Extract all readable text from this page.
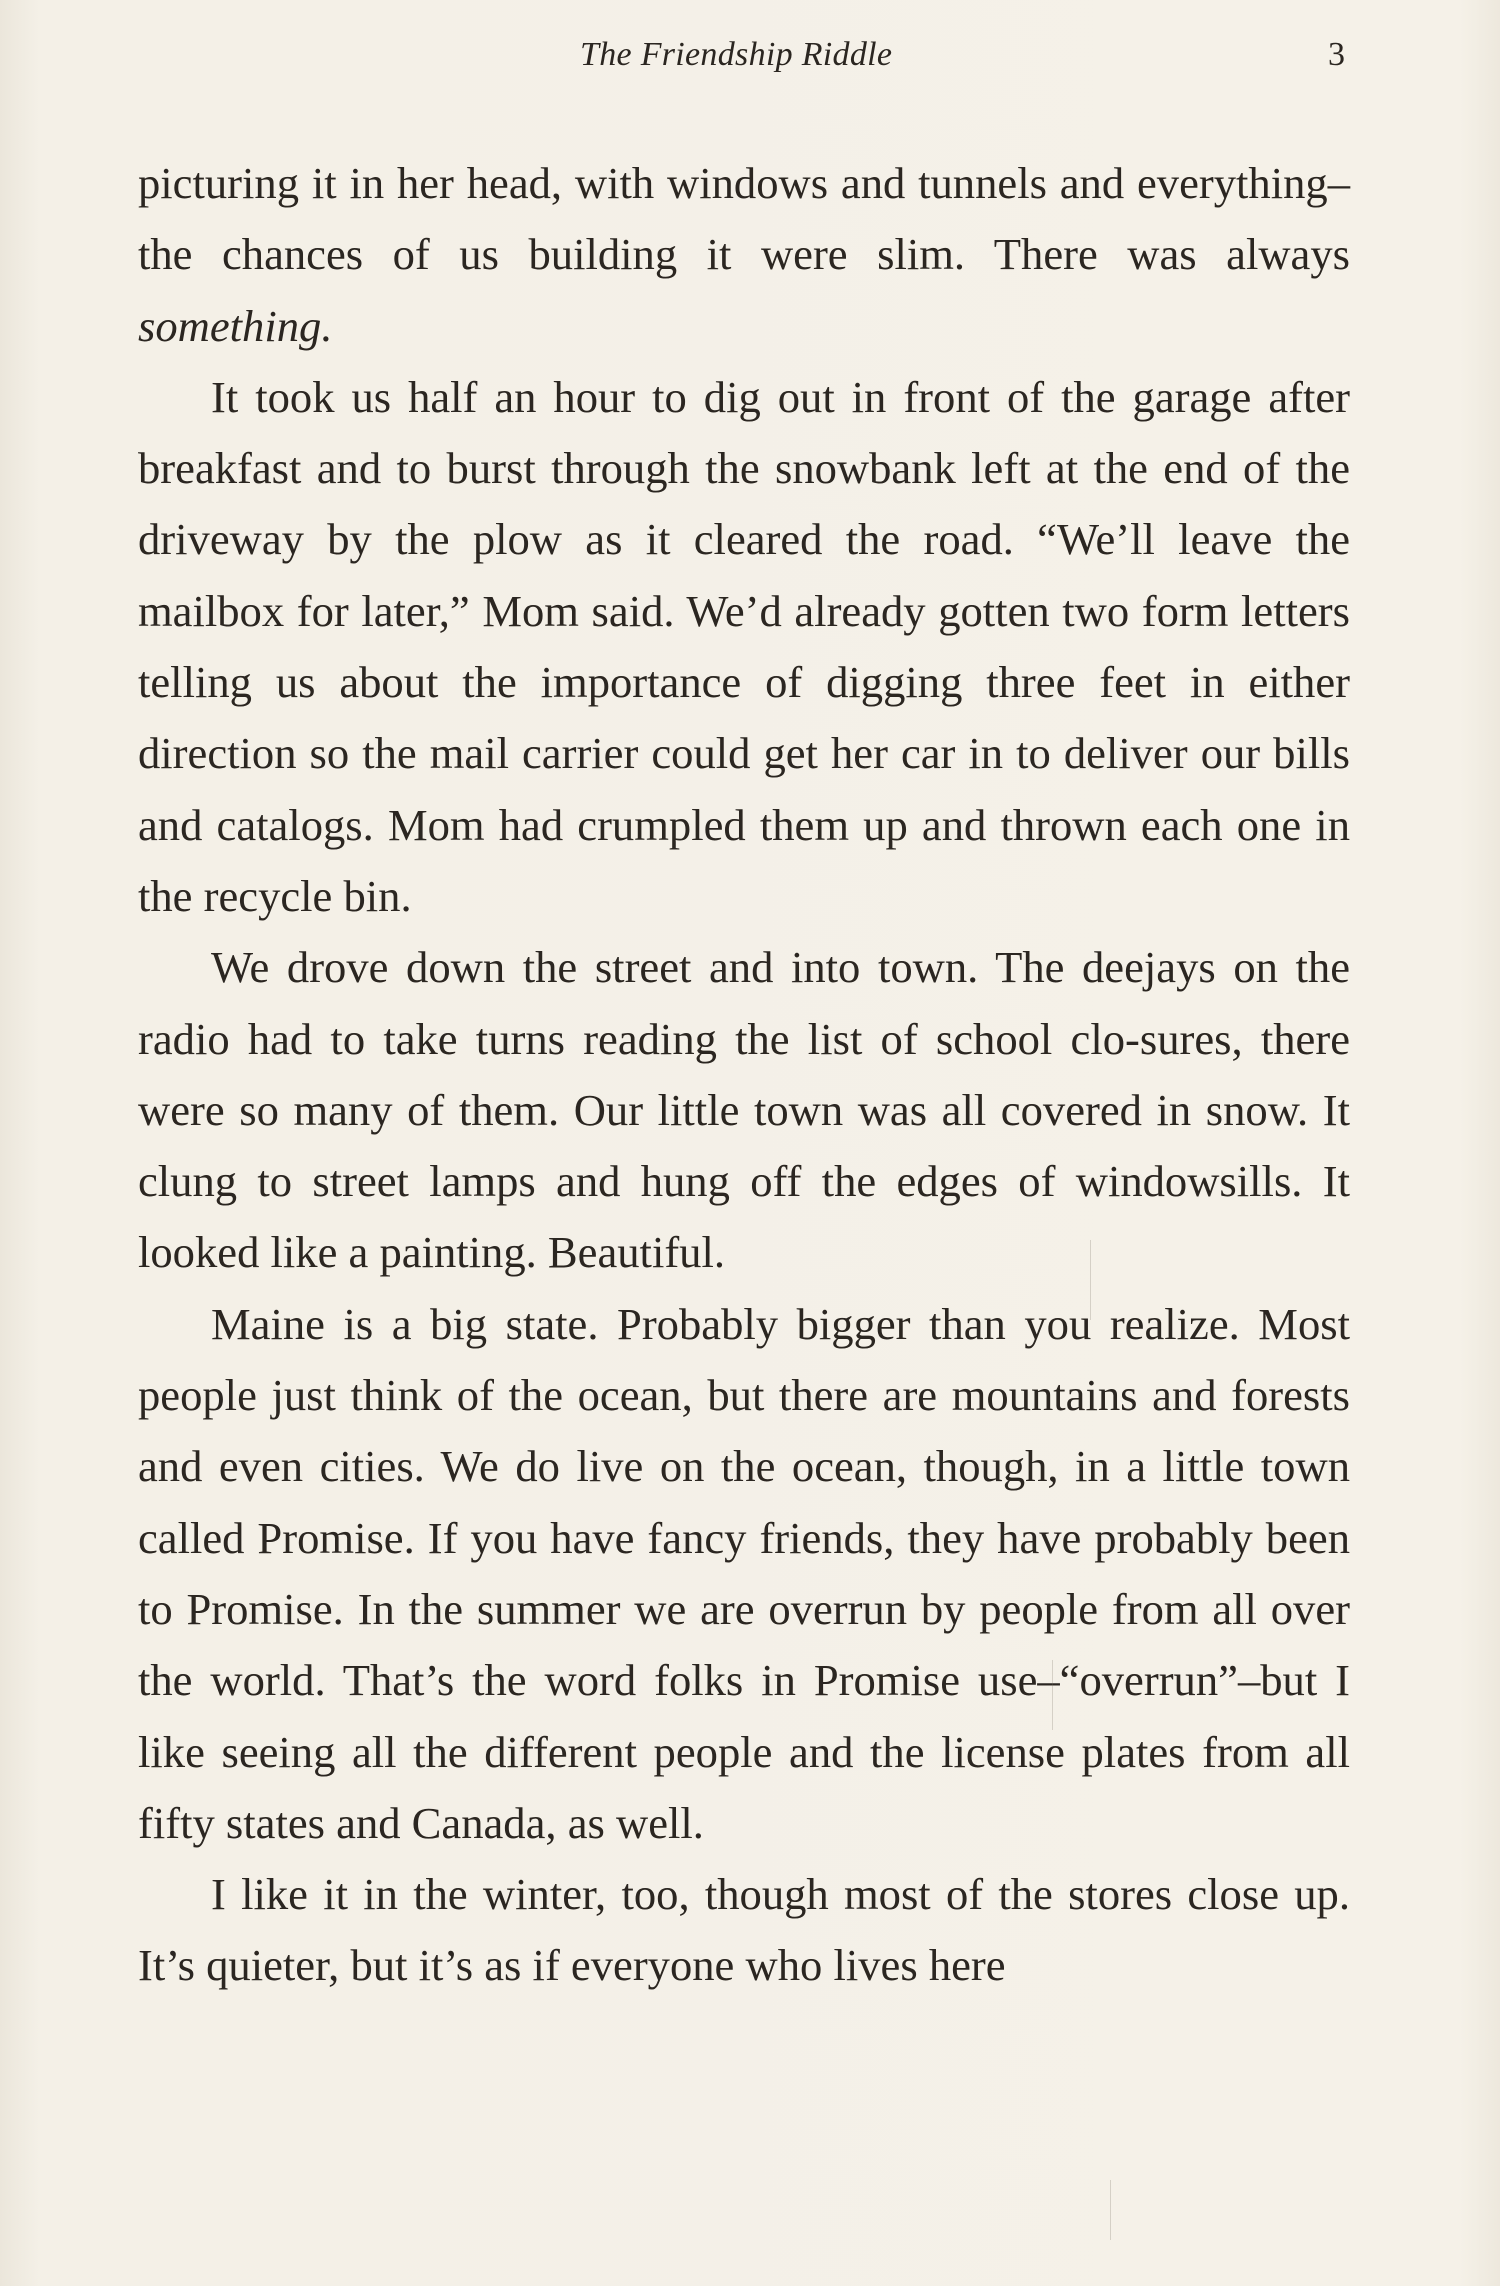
The Friendship Riddle	3

picturing it in her head, with windows and tunnels and everything–the chances of us building it were slim. There was always something.

It took us half an hour to dig out in front of the garage after breakfast and to burst through the snowbank left at the end of the driveway by the plow as it cleared the road. “We’ll leave the mailbox for later,” Mom said. We’d already gotten two form letters telling us about the importance of digging three feet in either direction so the mail carrier could get her car in to deliver our bills and catalogs. Mom had crumpled them up and thrown each one in the recycle bin.

We drove down the street and into town. The deejays on the radio had to take turns reading the list of school clo-sures, there were so many of them. Our little town was all covered in snow. It clung to street lamps and hung off the edges of windowsills. It looked like a painting. Beautiful.

Maine is a big state. Probably bigger than you realize. Most people just think of the ocean, but there are mountains and forests and even cities. We do live on the ocean, though, in a little town called Promise. If you have fancy friends, they have probably been to Promise. In the summer we are overrun by people from all over the world. That’s the word folks in Promise use–“overrun”–but I like seeing all the different people and the license plates from all fifty states and Canada, as well.

I like it in the winter, too, though most of the stores close up. It’s quieter, but it’s as if everyone who lives here
